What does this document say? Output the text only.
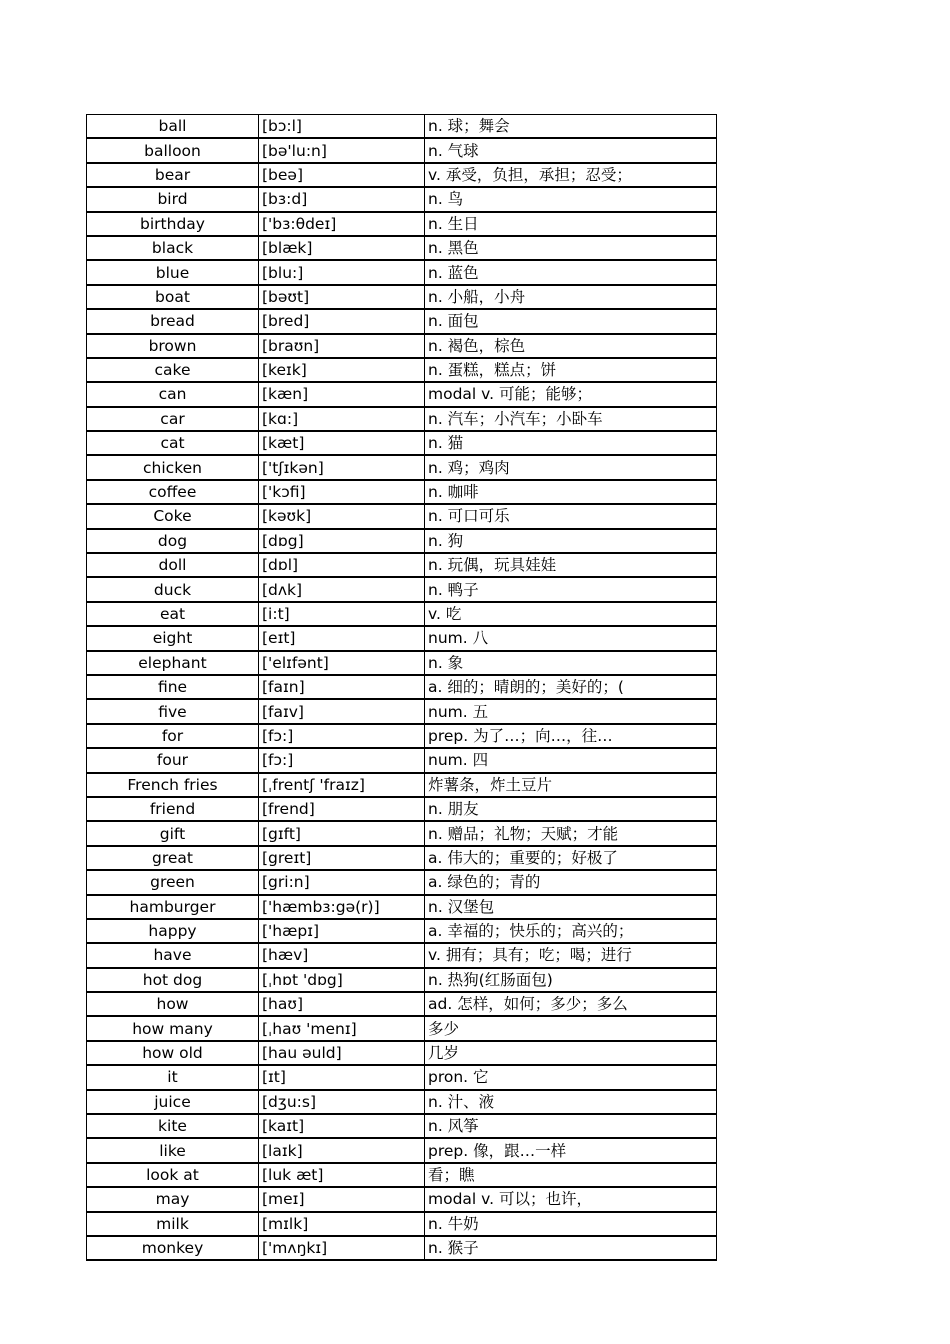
ball	[bɔ:l]	n. 球；舞会
balloon	[bə'lu:n]	n. 气球
bear	[beə]	v. 承受，负担，承担；忍受；
bird	[bɜ:d]	n. 鸟
birthday	['bɜ:θdeɪ]	n. 生日
black	[blæk]	n. 黑色
blue	[blu:]	n. 蓝色
boat	[bəʊt]	n. 小船，小舟
bread	[bred]	n. 面包
brown	[braʊn]	n. 褐色，棕色
cake	[keɪk]	n. 蛋糕，糕点；饼
can	[kæn]	modal v. 可能；能够；
car	[kɑ:]	n. 汽车；小汽车；小卧车
cat	[kæt]	n. 猫
chicken	['tʃɪkən]	n. 鸡；鸡肉
coffee	['kɔfi]	n. 咖啡
Coke	[kəʊk]	n. 可口可乐
dog	[dɒg]	n. 狗
doll	[dɒl]	n. 玩偶，玩具娃娃
duck	[dʌk]	n. 鸭子
eat	[i:t]	v. 吃
eight	[eɪt]	num. 八
elephant	['elɪfənt]	n. 象
fine	[faɪn]	a. 细的；晴朗的；美好的；(
five	[faɪv]	num. 五
for	[fɔ:]	prep. 为了…；向…，往…
four	[fɔ:]	num. 四
French fries	[ˌfrentʃ 'fraɪz]	炸薯条，炸土豆片
friend	[frend]	n. 朋友
gift	[gɪft]	n. 赠品；礼物；天赋；才能
great	[greɪt]	a. 伟大的；重要的；好极了
green	[gri:n]	a. 绿色的；青的
hamburger	['hæmbɜ:gə(r)]	n. 汉堡包
happy	['hæpɪ]	a. 幸福的；快乐的；高兴的；
have	[hæv]	v. 拥有；具有；吃；喝；进行
hot dog	[ˌhɒt 'dɒg]	n. 热狗(红肠面包)
how	[haʊ]	ad. 怎样，如何；多少；多么
how many	[ˌhaʊ 'menɪ]	多少
how old	[hau əuld]	几岁
it	[ɪt]	pron. 它
juice	[dʒu:s]	n. 汁、液
kite	[kaɪt]	n. 风筝
like	[laɪk]	prep. 像，跟…一样
look at	[luk æt]	看；瞧
may	[meɪ]	modal v. 可以；也许，
milk	[mɪlk]	n. 牛奶
monkey	['mʌŋkɪ]	n. 猴子
